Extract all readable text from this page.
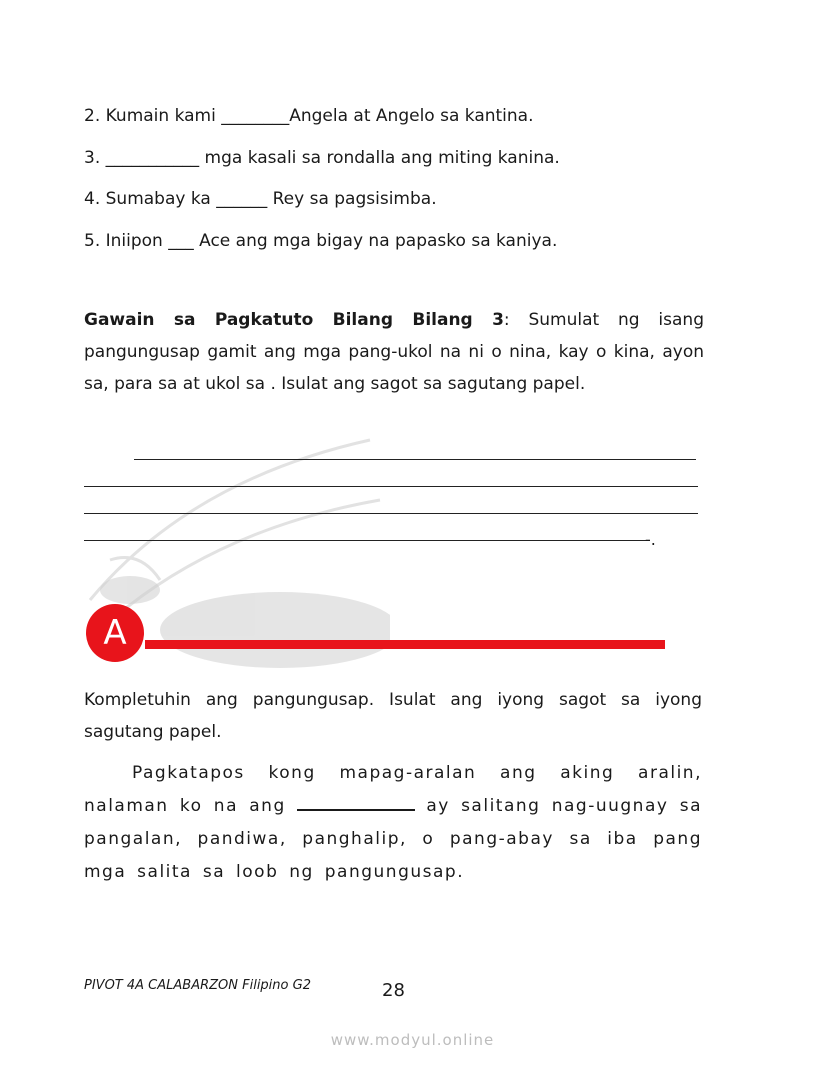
2. Kumain kami ________Angela at Angelo sa kantina.
3. ___________ mga kasali sa rondalla ang miting kanina.
4. Sumabay ka ______ Rey sa pagsisimba.
5. Iniipon ___ Ace ang mga bigay na papasko sa kaniya.
Gawain sa Pagkatuto Bilang Bilang 3: Sumulat ng isang pangungusap gamit ang mga pang-ukol na ni o nina, kay o kina, ayon sa, para sa at ukol sa . Isulat ang sagot sa sagutang papel.
-.
A
Kompletuhin ang pangungusap. Isulat ang iyong sagot sa iyong sagutang papel.
Pagkatapos kong mapag-aralan ang aking aralin, nalaman ko na ang	ay salitang nag-uugnay sa pangalan, pandiwa, panghalip, o pang-abay sa iba pang mga salita sa loob ng pangungusap.
PIVOT 4A CALABARZON Filipino G2	28
www.modyul.online
